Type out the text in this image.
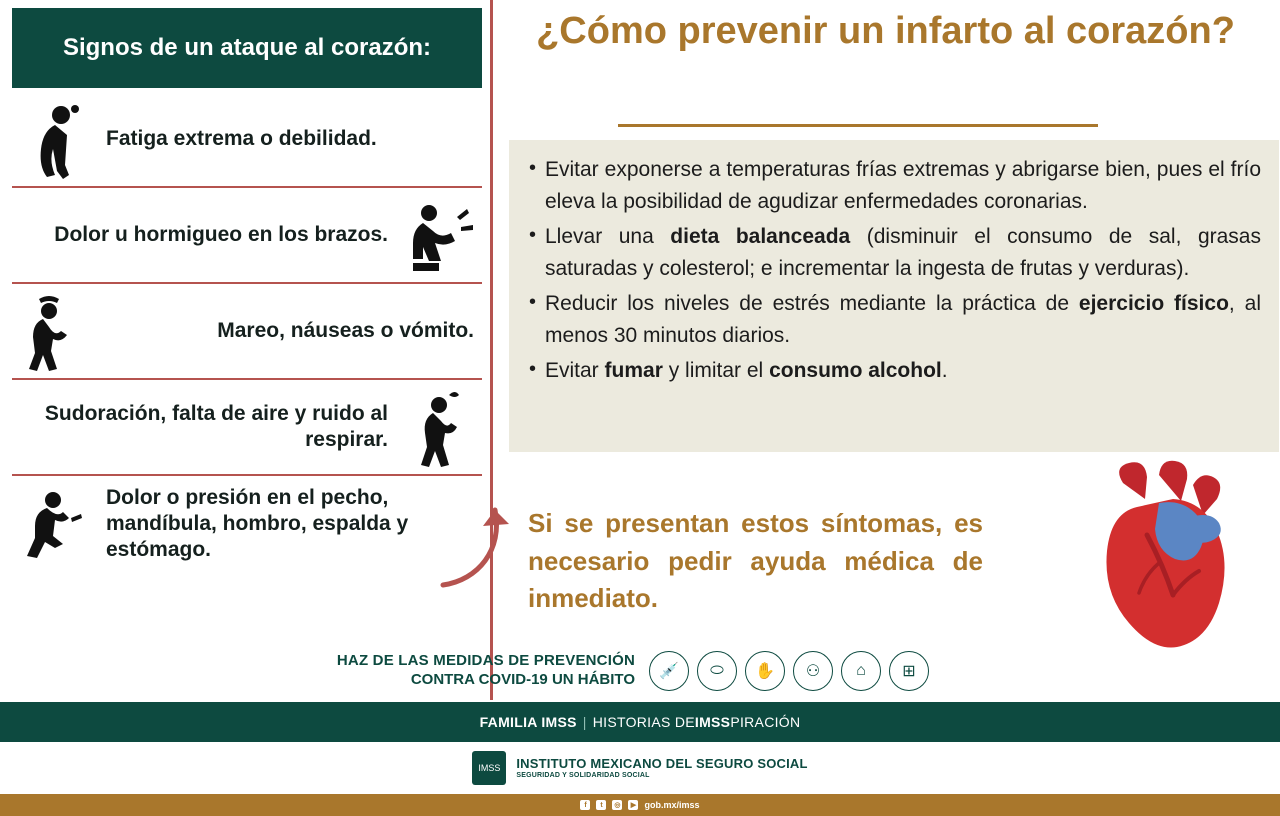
Signos de un ataque al corazón:
Fatiga extrema o debilidad.
Dolor u hormigueo en los brazos.
Mareo, náuseas o vómito.
Sudoración, falta de aire y ruido al respirar.
Dolor o presión en el pecho, mandíbula, hombro, espalda y estómago.
¿Cómo prevenir un infarto al corazón?
• Evitar exponerse a temperaturas frías extremas y abrigarse bien, pues el frío eleva la posibilidad de agudizar enfermedades coronarias.
• Llevar una dieta balanceada (disminuir el consumo de sal, grasas saturadas y colesterol; e incrementar la ingesta de frutas y verduras).
• Reducir los niveles de estrés mediante la práctica de ejercicio físico, al menos 30 minutos diarios.
• Evitar fumar y limitar el consumo alcohol.
Si se presentan estos síntomas, es necesario pedir ayuda médica de inmediato.
HAZ DE LAS MEDIDAS DE PREVENCIÓN
CONTRA COVID-19 UN HÁBITO	💉	⬭	✋	⚇	⌂	⊞
FAMILIA IMSS | HISTORIAS DE IMSS PIRACIÓN
IMSS	INSTITUTO MEXICANO DEL SEGURO SOCIAL
SEGURIDAD Y SOLIDARIDAD SOCIAL
f	t	◎	▶ gob.mx/imss
